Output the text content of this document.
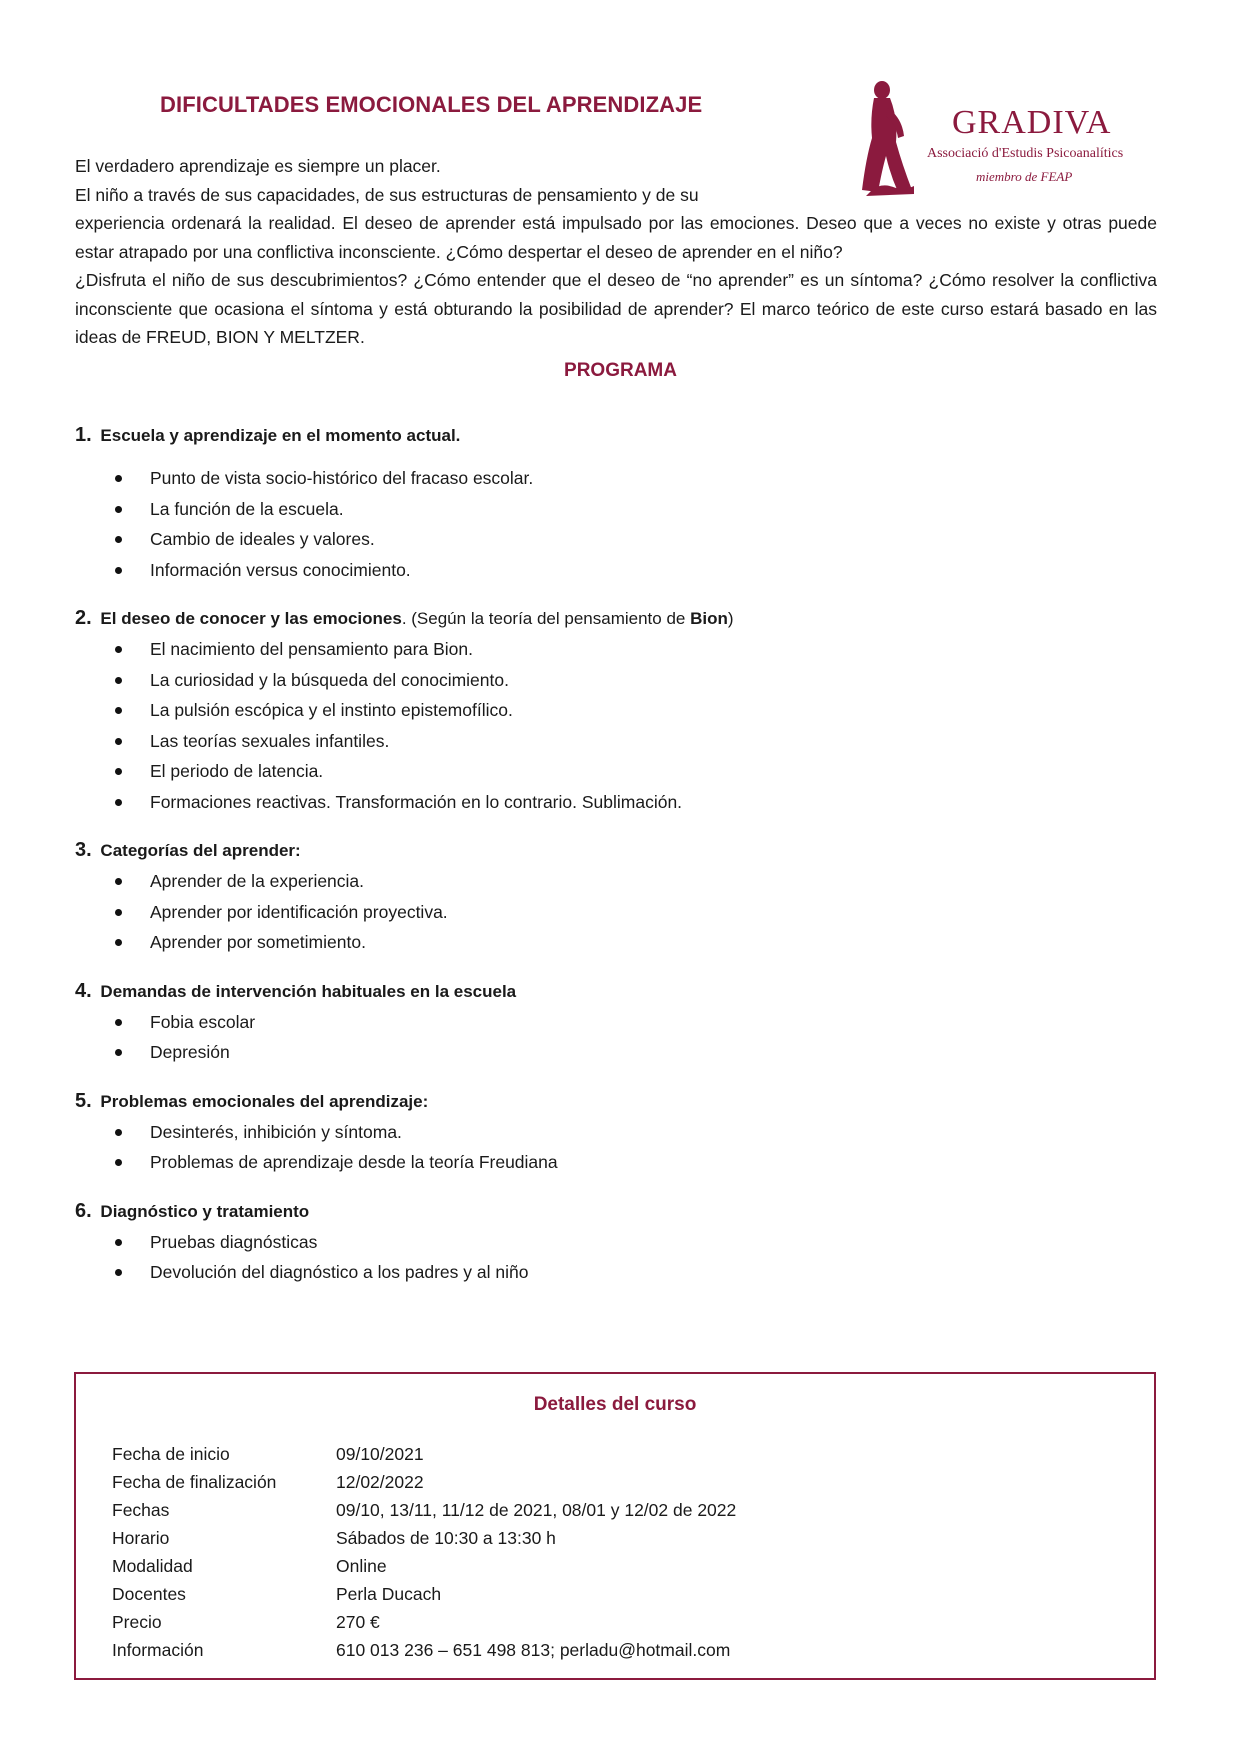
DIFICULTADES EMOCIONALES DEL APRENDIZAJE	GRADIVA
Associació d'Estudis Psicoanalítics
miembro de FEAP

El verdadero aprendizaje es siempre un placer.

El niño a través de sus capacidades, de sus estructuras de pensamiento y de su

experiencia ordenará la realidad. El deseo de aprender está impulsado por las emociones. Deseo que a veces no existe y otras puede estar atrapado por una conflictiva inconsciente. ¿Cómo despertar el deseo de aprender en el niño?

¿Disfruta el niño de sus descubrimientos? ¿Cómo entender que el deseo de “no aprender” es un síntoma? ¿Cómo resolver la conflictiva inconsciente que ocasiona el síntoma y está obturando la posibilidad de aprender? El marco teórico de este curso estará basado en las ideas de FREUD, BION Y MELTZER.

PROGRAMA
1. Escuela y aprendizaje en el momento actual.
Punto de vista socio-histórico del fracaso escolar.
La función de la escuela.
Cambio de ideales y valores.
Información versus conocimiento.
2. El deseo de conocer y las emociones. (Según la teoría del pensamiento de Bion)
El nacimiento del pensamiento para Bion.
La curiosidad y la búsqueda del conocimiento.
La pulsión escópica y el instinto epistemofílico.
Las teorías sexuales infantiles.
El periodo de latencia.
Formaciones reactivas. Transformación en lo contrario. Sublimación.
3. Categorías del aprender:
Aprender de la experiencia.
Aprender por identificación proyectiva.
Aprender por sometimiento.
4. Demandas de intervención habituales en la escuela
Fobia escolar
Depresión
5. Problemas emocionales del aprendizaje:
Desinterés, inhibición y síntoma.
Problemas de aprendizaje desde la teoría Freudiana
6. Diagnóstico y tratamiento
Pruebas diagnósticas
Devolución del diagnóstico a los padres y al niño
Detalles del curso
Fecha de inicio	09/10/2021
Fecha de finalización	12/02/2022
Fechas	09/10, 13/11, 11/12 de 2021, 08/01 y 12/02 de 2022
Horario	Sábados de 10:30 a 13:30 h
Modalidad	Online
Docentes	Perla Ducach
Precio	270 €
Información	610 013 236 – 651 498 813; perladu@hotmail.com
